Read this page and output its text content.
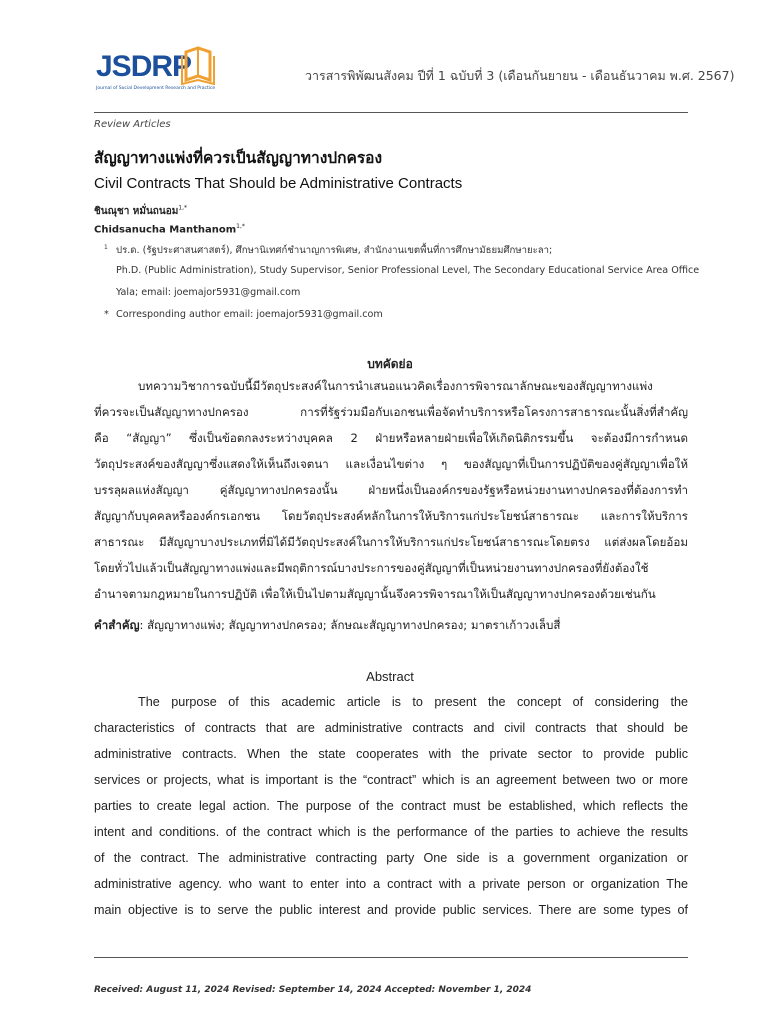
JSDRP
Journal of Social Development Research and Practice
วารสารพิพัฒนสังคม ปีที่ 1 ฉบับที่ 3 (เดือนกันยายน - เดือนธันวาคม พ.ศ. 2567)
Review Articles
สัญญาทางแพ่งที่ควรเป็นสัญญาทางปกครอง
Civil Contracts That Should be Administrative Contracts
ชินณุชา หมั่นถนอม$^{1,*}$
Chidsanucha Manthanom$^{1,*}$
$^1$ ปร.ด. (รัฐประศาสนศาสตร์), ศึกษานิเทศก์ชำนาญการพิเศษ, สำนักงานเขตพื้นที่การศึกษามัธยมศึกษายะลา;
Ph.D. (Public Administration), Study Supervisor, Senior Professional Level, The Secondary Educational Service Area Office
Yala; email: joemajor5931@gmail.com
* Corresponding author email: joemajor5931@gmail.com
บทคัดย่อ
บทความวิชาการฉบับนี้มีวัตถุประสงค์ในการนำเสนอแนวคิดเรื่องการพิจารณาลักษณะของสัญญาทางแพ่ง
ที่ควรจะเป็นสัญญาทางปกครอง การที่รัฐร่วมมือกับเอกชนเพื่อจัดทำบริการหรือโครงการสาธารณะนั้นสิ่งที่สำคัญ
คือ “สัญญา” ซึ่งเป็นข้อตกลงระหว่างบุคคล 2 ฝ่ายหรือหลายฝ่ายเพื่อให้เกิดนิติกรรมขึ้น จะต้องมีการกำหนด
วัตถุประสงค์ของสัญญาซึ่งแสดงให้เห็นถึงเจตนา และเงื่อนไขต่าง ๆ ของสัญญาที่เป็นการปฏิบัติของคู่สัญญาเพื่อให้
บรรลุผลแห่งสัญญา คู่สัญญาทางปกครองนั้น ฝ่ายหนึ่งเป็นองค์กรของรัฐหรือหน่วยงานทางปกครองที่ต้องการทำ
สัญญากับบุคคลหรือองค์กรเอกชน โดยวัตถุประสงค์หลักในการให้บริการแก่ประโยชน์สาธารณะ และการให้บริการ
สาธารณะ มีสัญญาบางประเภทที่มิได้มีวัตถุประสงค์ในการให้บริการแก่ประโยชน์สาธารณะโดยตรง แต่ส่งผลโดยอ้อม
โดยทั่วไปแล้วเป็นสัญญาทางแพ่งและมีพฤติการณ์บางประการของคู่สัญญาที่เป็นหน่วยงานทางปกครองที่ยังต้องใช้
อำนาจตามกฎหมายในการปฏิบัติ เพื่อให้เป็นไปตามสัญญานั้นจึงควรพิจารณาให้เป็นสัญญาทางปกครองด้วยเช่นกัน
คำสำคัญ: สัญญาทางแพ่ง; สัญญาทางปกครอง; ลักษณะสัญญาทางปกครอง; มาตราเก้าวงเล็บสี่
Abstract
The purpose of this academic article is to present the concept of considering the
characteristics of contracts that are administrative contracts and civil contracts that should be
administrative contracts. When the state cooperates with the private sector to provide public
services or projects, what is important is the “contract” which is an agreement between two or more
parties to create legal action. The purpose of the contract must be established, which reflects the
intent and conditions. of the contract which is the performance of the parties to achieve the results
of the contract. The administrative contracting party One side is a government organization or
administrative agency. who want to enter into a contract with a private person or organization The
main objective is to serve the public interest and provide public services. There are some types of
Received: August 11, 2024 Revised: September 14, 2024 Accepted: November 1, 2024
